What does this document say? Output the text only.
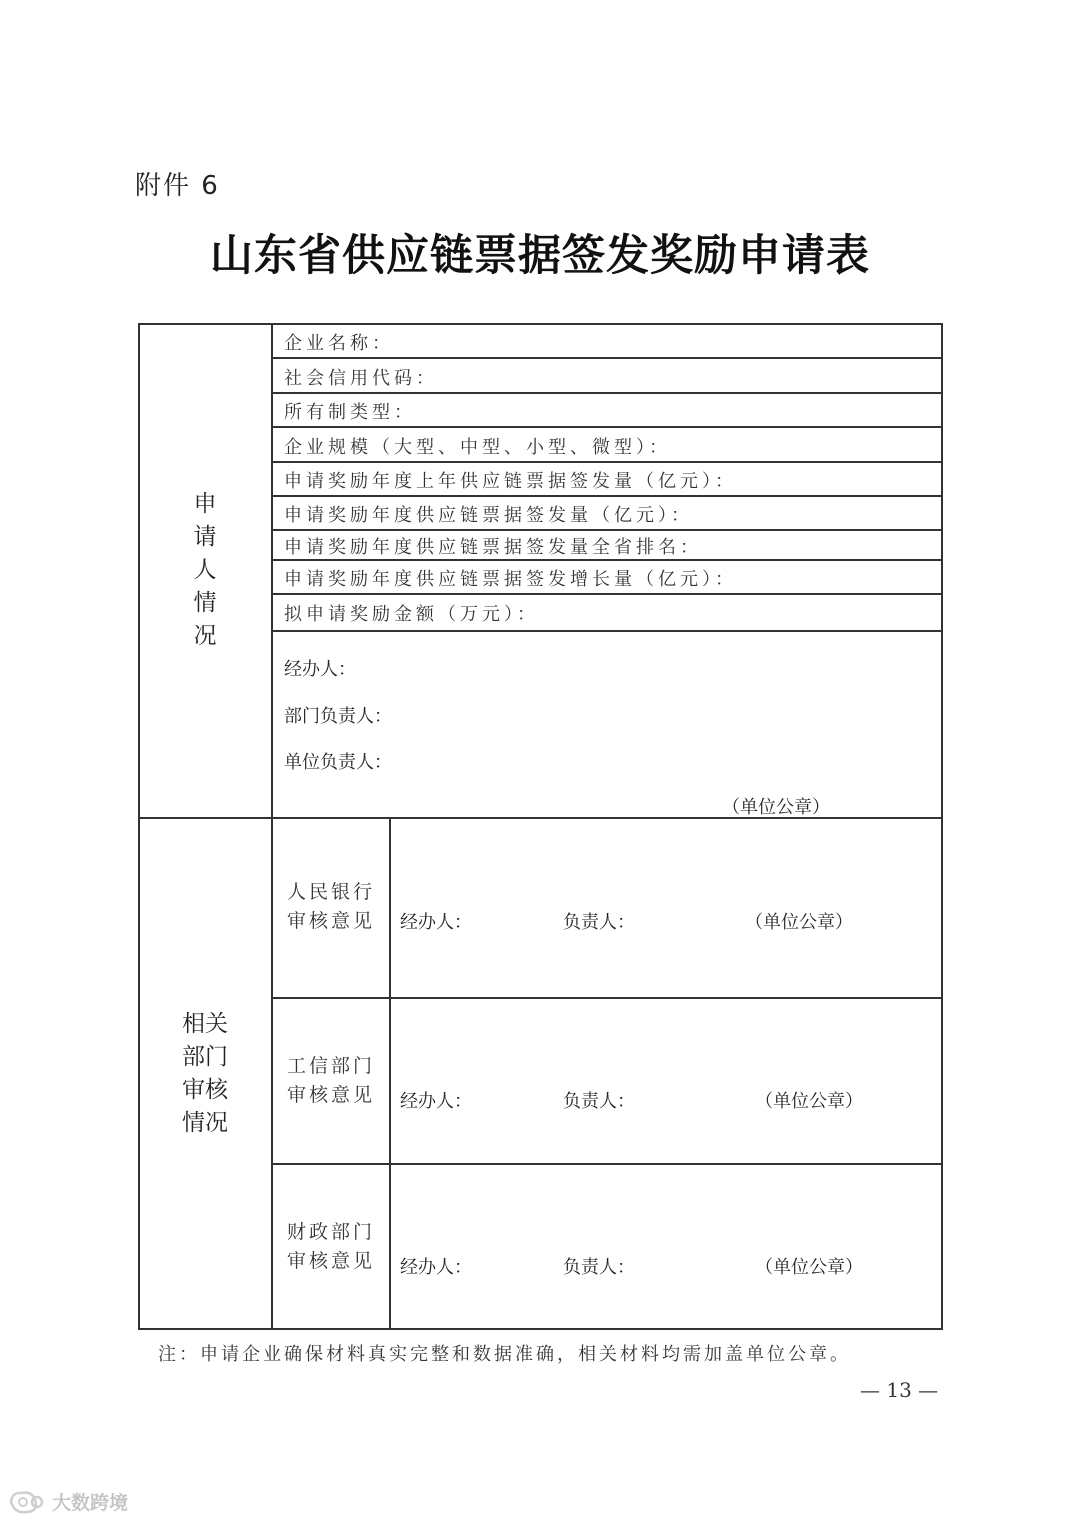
附件 6
山东省供应链票据签发奖励申请表
申
请
人
情
况
企业名称：
社会信用代码：
所有制类型：
企业规模（大型、中型、小型、微型）：
申请奖励年度上年供应链票据签发量（亿元）：
申请奖励年度供应链票据签发量（亿元）：
申请奖励年度供应链票据签发量全省排名：
申请奖励年度供应链票据签发增长量（亿元）：
拟申请奖励金额（万元）：
经办人：
部门负责人：
单位负责人：
（单位公章）
相关
部门
审核
情况
人民银行
审核意见	经办人：	负责人：	（单位公章）
工信部门
审核意见	经办人：	负责人：	（单位公章）
财政部门
审核意见	经办人：	负责人：	（单位公章）
注：申请企业确保材料真实完整和数据准确，相关材料均需加盖单位公章。
— 13 —
大数跨境
